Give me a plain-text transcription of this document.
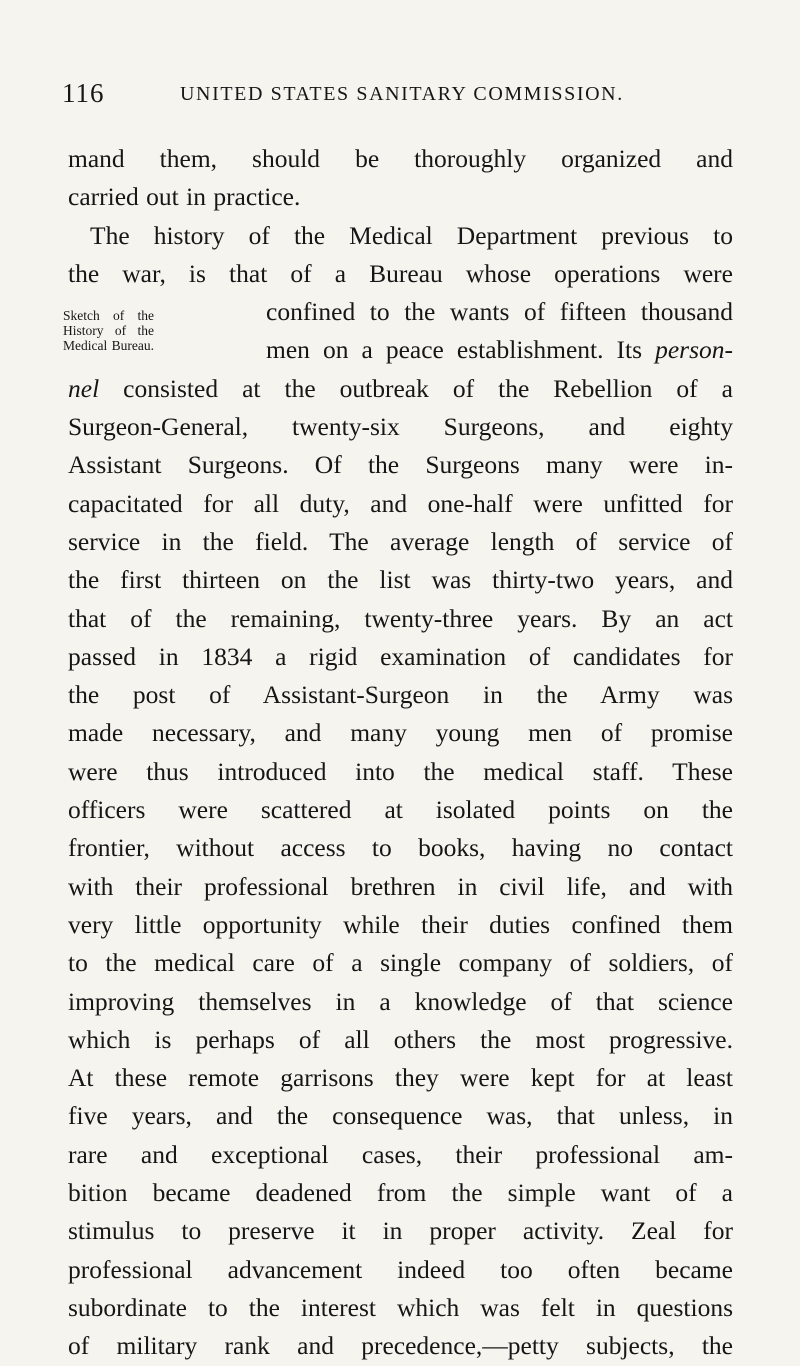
116	UNITED STATES SANITARY COMMISSION.
mand them, should be thoroughly organized and
carried out in practice.
The history of the Medical Department previous to
the war, is that of a Bureau whose operations were
Sketch of the
History of the
Medical Bureau.
confined to the wants of fifteen thousand
men on a peace establishment. Its person-
nel consisted at the outbreak of the Rebellion of a
Surgeon-General, twenty-six Surgeons, and eighty
Assistant Surgeons. Of the Surgeons many were in-
capacitated for all duty, and one-half were unfitted for
service in the field. The average length of service of
the first thirteen on the list was thirty-two years, and
that of the remaining, twenty-three years. By an act
passed in 1834 a rigid examination of candidates for
the post of Assistant-Surgeon in the Army was
made necessary, and many young men of promise
were thus introduced into the medical staff. These
officers were scattered at isolated points on the
frontier, without access to books, having no contact
with their professional brethren in civil life, and with
very little opportunity while their duties confined them
to the medical care of a single company of soldiers, of
improving themselves in a knowledge of that science
which is perhaps of all others the most progressive.
At these remote garrisons they were kept for at least
five years, and the consequence was, that unless, in
rare and exceptional cases, their professional am-
bition became deadened from the simple want of a
stimulus to preserve it in proper activity. Zeal for
professional advancement indeed too often became
subordinate to the interest which was felt in questions
of military rank and precedence,—petty subjects, the
